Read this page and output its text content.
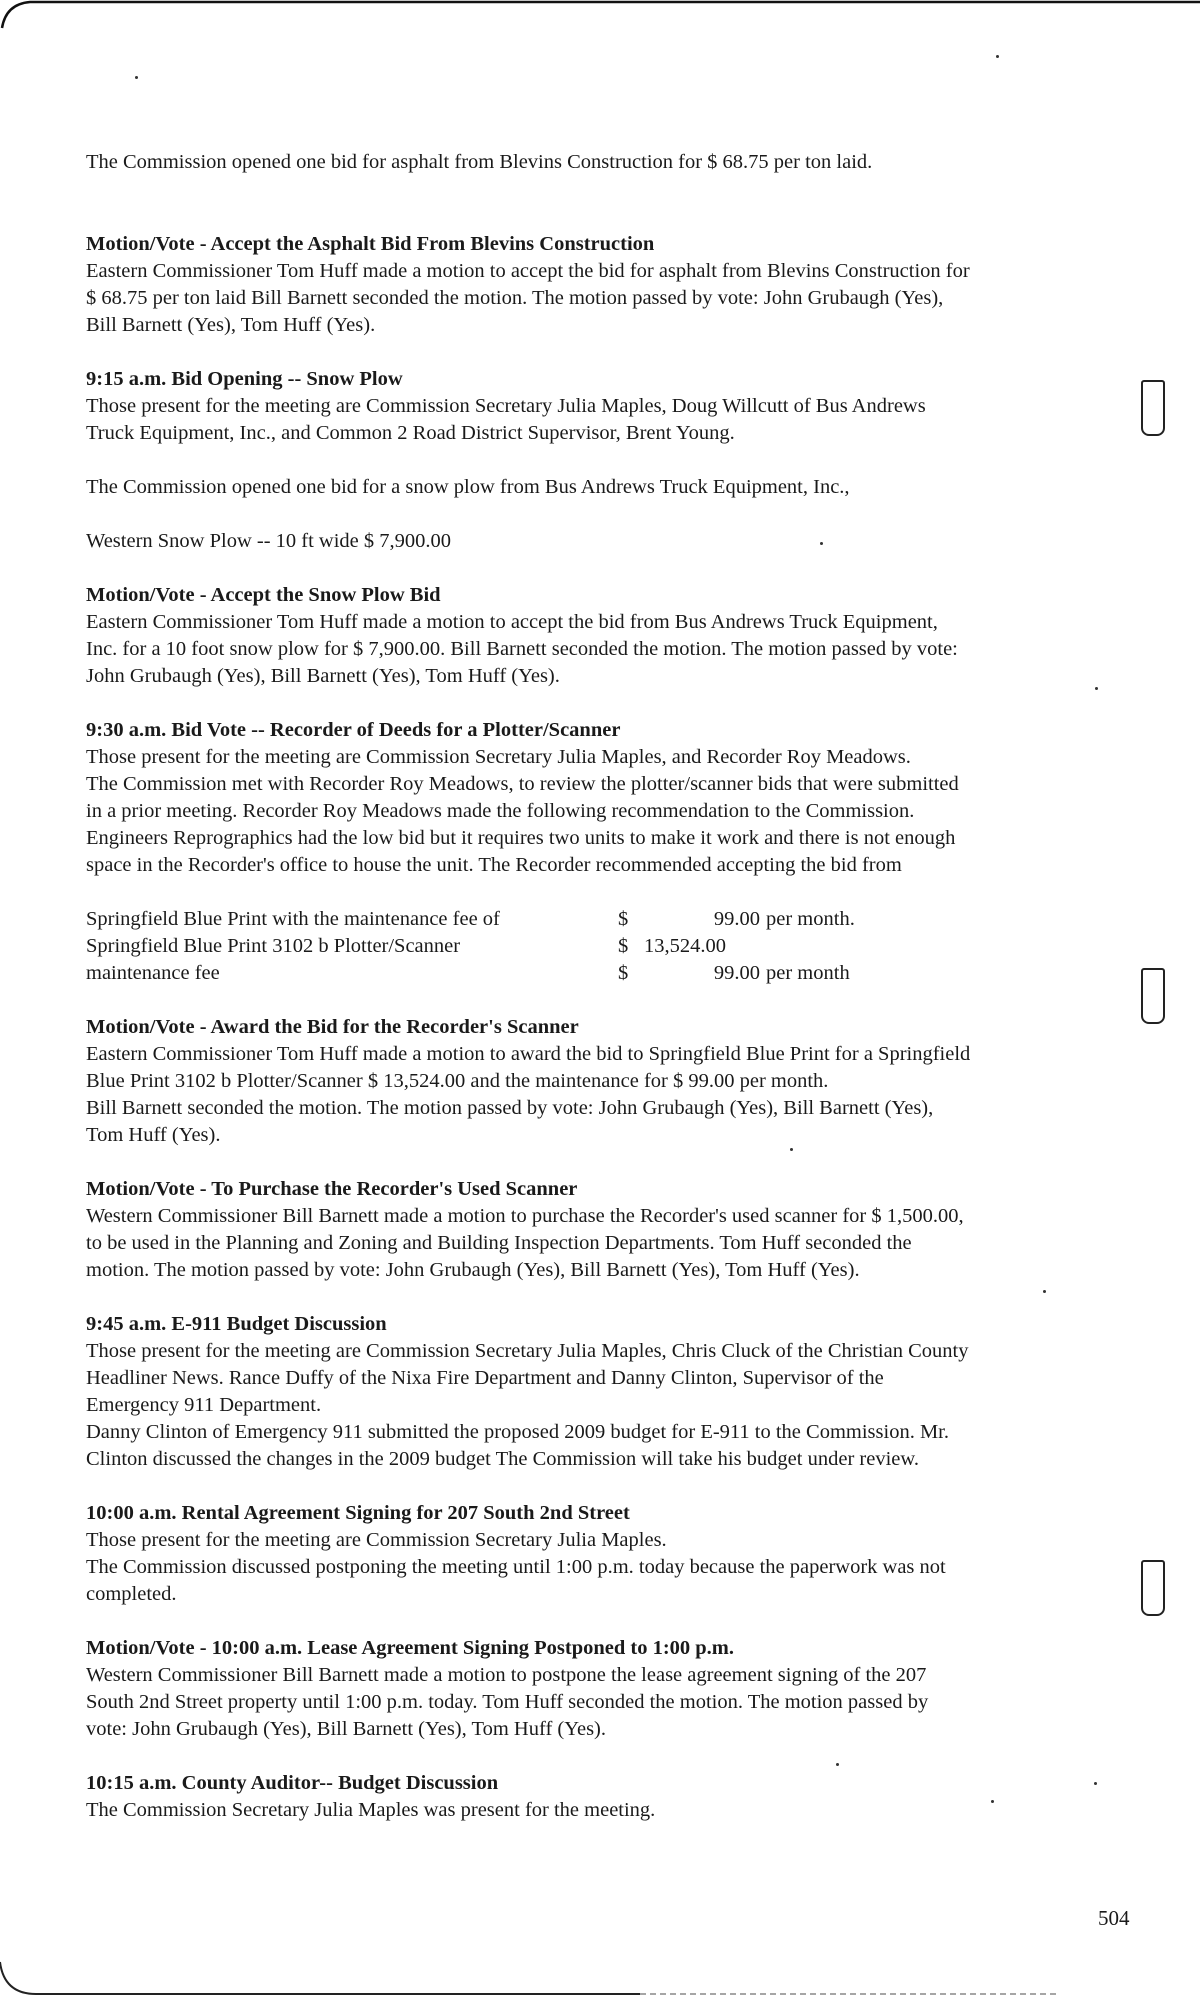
The Commission opened one bid for asphalt from Blevins Construction for $ 68.75 per ton laid.

Motion/Vote - Accept the Asphalt Bid From Blevins Construction
Eastern Commissioner Tom Huff made a motion to accept the bid for asphalt from Blevins Construction for
$ 68.75 per ton laid Bill Barnett seconded the motion. The motion passed by vote: John Grubaugh (Yes),
Bill Barnett (Yes), Tom Huff (Yes).
9:15 a.m. Bid Opening -- Snow Plow
Those present for the meeting are Commission Secretary Julia Maples, Doug Willcutt of Bus Andrews
Truck Equipment, Inc., and Common 2 Road District Supervisor, Brent Young.
The Commission opened one bid for a snow plow from Bus Andrews Truck Equipment, Inc.,
Western Snow Plow -- 10 ft wide $ 7,900.00
Motion/Vote - Accept the Snow Plow Bid
Eastern Commissioner Tom Huff made a motion to accept the bid from Bus Andrews Truck Equipment,
Inc. for a 10 foot snow plow for $ 7,900.00. Bill Barnett seconded the motion. The motion passed by vote:
John Grubaugh (Yes), Bill Barnett (Yes), Tom Huff (Yes).
9:30 a.m. Bid Vote -- Recorder of Deeds for a Plotter/Scanner
Those present for the meeting are Commission Secretary Julia Maples, and Recorder Roy Meadows.
The Commission met with Recorder Roy Meadows, to review the plotter/scanner bids that were submitted
in a prior meeting. Recorder Roy Meadows made the following recommendation to the Commission.
Engineers Reprographics had the low bid but it requires two units to make it work and there is not enough
space in the Recorder's office to house the unit. The Recorder recommended accepting the bid from
Springfield Blue Print with the maintenance fee of	$	99.00 per month.
Springfield Blue Print 3102 b Plotter/Scanner	$ 13,524.00
maintenance fee	$	99.00 per month
Motion/Vote - Award the Bid for the Recorder's Scanner
Eastern Commissioner Tom Huff made a motion to award the bid to Springfield Blue Print for a Springfield
Blue Print 3102 b Plotter/Scanner $ 13,524.00 and the maintenance for $ 99.00 per month.
Bill Barnett seconded the motion. The motion passed by vote: John Grubaugh (Yes), Bill Barnett (Yes),
Tom Huff (Yes).
Motion/Vote - To Purchase the Recorder's Used Scanner
Western Commissioner Bill Barnett made a motion to purchase the Recorder's used scanner for $ 1,500.00,
to be used in the Planning and Zoning and Building Inspection Departments. Tom Huff seconded the
motion. The motion passed by vote: John Grubaugh (Yes), Bill Barnett (Yes), Tom Huff (Yes).
9:45 a.m. E-911 Budget Discussion
Those present for the meeting are Commission Secretary Julia Maples, Chris Cluck of the Christian County
Headliner News. Rance Duffy of the Nixa Fire Department and Danny Clinton, Supervisor of the
Emergency 911 Department.
Danny Clinton of Emergency 911 submitted the proposed 2009 budget for E-911 to the Commission. Mr.
Clinton discussed the changes in the 2009 budget The Commission will take his budget under review.
10:00 a.m. Rental Agreement Signing for 207 South 2nd Street
Those present for the meeting are Commission Secretary Julia Maples.
The Commission discussed postponing the meeting until 1:00 p.m. today because the paperwork was not
completed.
Motion/Vote - 10:00 a.m. Lease Agreement Signing Postponed to 1:00 p.m.
Western Commissioner Bill Barnett made a motion to postpone the lease agreement signing of the 207
South 2nd Street property until 1:00 p.m. today. Tom Huff seconded the motion. The motion passed by
vote: John Grubaugh (Yes), Bill Barnett (Yes), Tom Huff (Yes).
10:15 a.m. County Auditor-- Budget Discussion
The Commission Secretary Julia Maples was present for the meeting.
504
